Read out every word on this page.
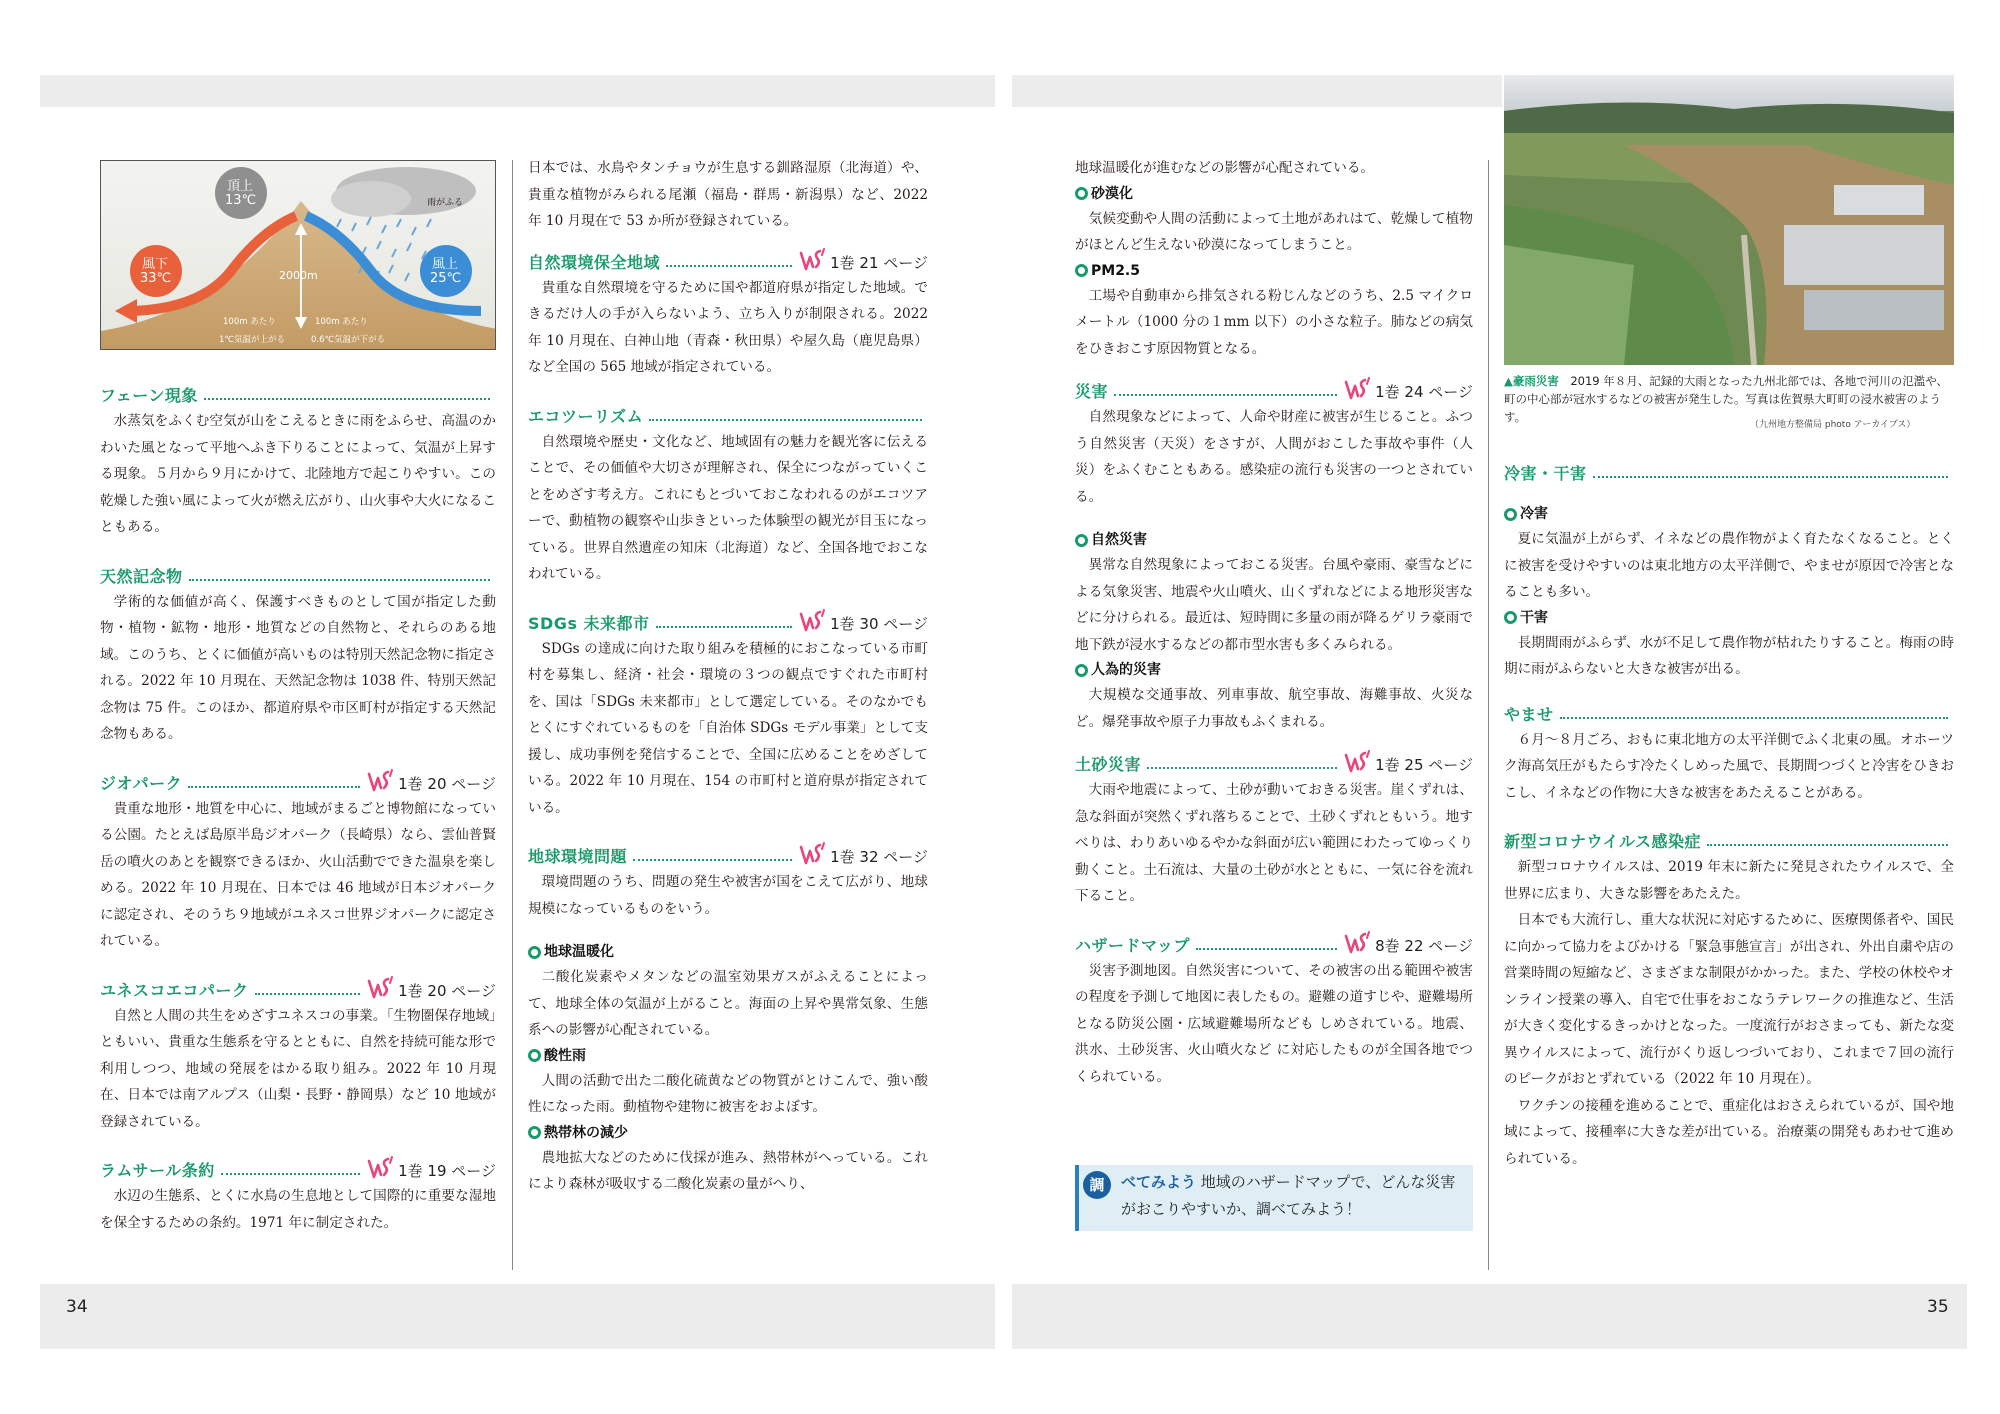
34	35
頂上
13℃
風下
33℃
風上
25℃
雨がふる
2000m
100m あたり
1℃気温が上がる
100m あたり
0.6℃気温が下がる
フェーン現象
水蒸気をふくむ空気が山をこえるときに雨をふらせ、高温のかわいた風となって平地へふき下りることによって、気温が上昇する現象。５月から９月にかけて、北陸地方で起こりやすい。この乾燥した強い風によって火が燃え広がり、山火事や大火になることもある。
天然記念物
学術的な価値が高く、保護すべきものとして国が指定した動物・植物・鉱物・地形・地質などの自然物と、それらのある地域。このうち、とくに価値が高いものは特別天然記念物に指定される。2022 年 10 月現在、天然記念物は 1038 件、特別天然記念物は 75 件。このほか、都道府県や市区町村が指定する天然記念物もある。
ジオパーク	1巻 20 ページ
貴重な地形・地質を中心に、地域がまるごと博物館になっている公園。たとえば島原半島ジオパーク（長崎県）なら、雲仙普賢岳の噴火のあとを観察できるほか、火山活動でできた温泉を楽しめる。2022 年 10 月現在、日本では 46 地域が日本ジオパークに認定され、そのうち９地域がユネスコ世界ジオパークに認定されている。
ユネスコエコパーク	1巻 20 ページ
自然と人間の共生をめざすユネスコの事業。「生物圏保存地域」ともいい、貴重な生態系を守るとともに、自然を持続可能な形で利用しつつ、地域の発展をはかる取り組み。2022 年 10 月現在、日本では南アルプス（山梨・長野・静岡県）など 10 地域が登録されている。
ラムサール条約	1巻 19 ページ
水辺の生態系、とくに水鳥の生息地として国際的に重要な湿地を保全するための条約。1971 年に制定された。
日本では、水鳥やタンチョウが生息する釧路湿原（北海道）や、貴重な植物がみられる尾瀬（福島・群馬・新潟県）など、2022 年 10 月現在で 53 か所が登録されている。
自然環境保全地域	1巻 21 ページ
貴重な自然環境を守るために国や都道府県が指定した地域。できるだけ人の手が入らないよう、立ち入りが制限される。2022 年 10 月現在、白神山地（青森・秋田県）や屋久島（鹿児島県）など全国の 565 地域が指定されている。
エコツーリズム
自然環境や歴史・文化など、地域固有の魅力を観光客に伝えることで、その価値や大切さが理解され、保全につながっていくことをめざす考え方。これにもとづいておこなわれるのがエコツアーで、動植物の観察や山歩きといった体験型の観光が目玉になっている。世界自然遺産の知床（北海道）など、全国各地でおこなわれている。
SDGs 未来都市	1巻 30 ページ
SDGs の達成に向けた取り組みを積極的におこなっている市町村を募集し、経済・社会・環境の３つの観点ですぐれた市町村を、国は「SDGs 未来都市」として選定している。そのなかでもとくにすぐれているものを「自治体 SDGs モデル事業」として支援し、成功事例を発信することで、全国に広めることをめざしている。2022 年 10 月現在、154 の市町村と道府県が指定されている。
地球環境問題	1巻 32 ページ
環境問題のうち、問題の発生や被害が国をこえて広がり、地球規模になっているものをいう。
地球温暖化
二酸化炭素やメタンなどの温室効果ガスがふえることによって、地球全体の気温が上がること。海面の上昇や異常気象、生態系への影響が心配されている。
酸性雨
人間の活動で出た二酸化硫黄などの物質がとけこんで、強い酸性になった雨。動植物や建物に被害をおよぼす。
熱帯林の減少
農地拡大などのために伐採が進み、熱帯林がへっている。これにより森林が吸収する二酸化炭素の量がへり、
地球温暖化が進むなどの影響が心配されている。
砂漠化
気候変動や人間の活動によって土地があれはて、乾燥して植物がほとんど生えない砂漠になってしまうこと。
PM2.5
工場や自動車から排気される粉じんなどのうち、2.5 マイクロメートル（1000 分の１mm 以下）の小さな粒子。肺などの病気をひきおこす原因物質となる。
災害	1巻 24 ページ
自然現象などによって、人命や財産に被害が生じること。ふつう自然災害（天災）をさすが、人間がおこした事故や事件（人災）をふくむこともある。感染症の流行も災害の一つとされている。
自然災害
異常な自然現象によっておこる災害。台風や豪雨、豪雪などによる気象災害、地震や火山噴火、山くずれなどによる地形災害などに分けられる。最近は、短時間に多量の雨が降るゲリラ豪雨で地下鉄が浸水するなどの都市型水害も多くみられる。
人為的災害
大規模な交通事故、列車事故、航空事故、海難事故、火災など。爆発事故や原子力事故もふくまれる。
土砂災害	1巻 25 ページ
大雨や地震によって、土砂が動いておきる災害。崖くずれは、急な斜面が突然くずれ落ちることで、土砂くずれともいう。地すべりは、わりあいゆるやかな斜面が広い範囲にわたってゆっくり動くこと。土石流は、大量の土砂が水とともに、一気に谷を流れ下ること。
ハザードマップ	8巻 22 ページ
災害予測地図。自然災害について、その被害の出る範囲や被害の程度を予測して地図に表したもの。避難の道すじや、避難場所となる防災公園・広域避難場所なども しめされている。地震、洪水、土砂災害、火山噴火など に対応したものが全国各地でつくられている。
調	べてみよう 地域のハザードマップで、どんな災害がおこりやすいか、調べてみよう！
▲豪雨災害　 2019 年８月、記録的大雨となった九州北部では、各地で河川の氾濫や、町の中心部が冠水するなどの被害が発生した。写真は佐賀県大町町の浸水被害のようす。
（九州地方整備局 photo アーカイブス）
冷害・干害
冷害
夏に気温が上がらず、イネなどの農作物がよく育たなくなること。とくに被害を受けやすいのは東北地方の太平洋側で、やませが原因で冷害となることも多い。
干害
長期間雨がふらず、水が不足して農作物が枯れたりすること。梅雨の時期に雨がふらないと大きな被害が出る。
やませ
６月～８月ごろ、おもに東北地方の太平洋側でふく北東の風。オホーツク海高気圧がもたらす冷たくしめった風で、長期間つづくと冷害をひきおこし、イネなどの作物に大きな被害をあたえることがある。
新型コロナウイルス感染症
新型コロナウイルスは、2019 年末に新たに発見されたウイルスで、全世界に広まり、大きな影響をあたえた。
日本でも大流行し、重大な状況に対応するために、医療関係者や、国民に向かって協力をよびかける「緊急事態宣言」が出され、外出自粛や店の営業時間の短縮など、さまざまな制限がかかった。また、学校の休校やオンライン授業の導入、自宅で仕事をおこなうテレワークの推進など、生活が大きく変化するきっかけとなった。一度流行がおさまっても、新たな変異ウイルスによって、流行がくり返しつづいており、これまで７回の流行のピークがおとずれている（2022 年 10 月現在）。
ワクチンの接種を進めることで、重症化はおさえられているが、国や地域によって、接種率に大きな差が出ている。治療薬の開発もあわせて進められている。
